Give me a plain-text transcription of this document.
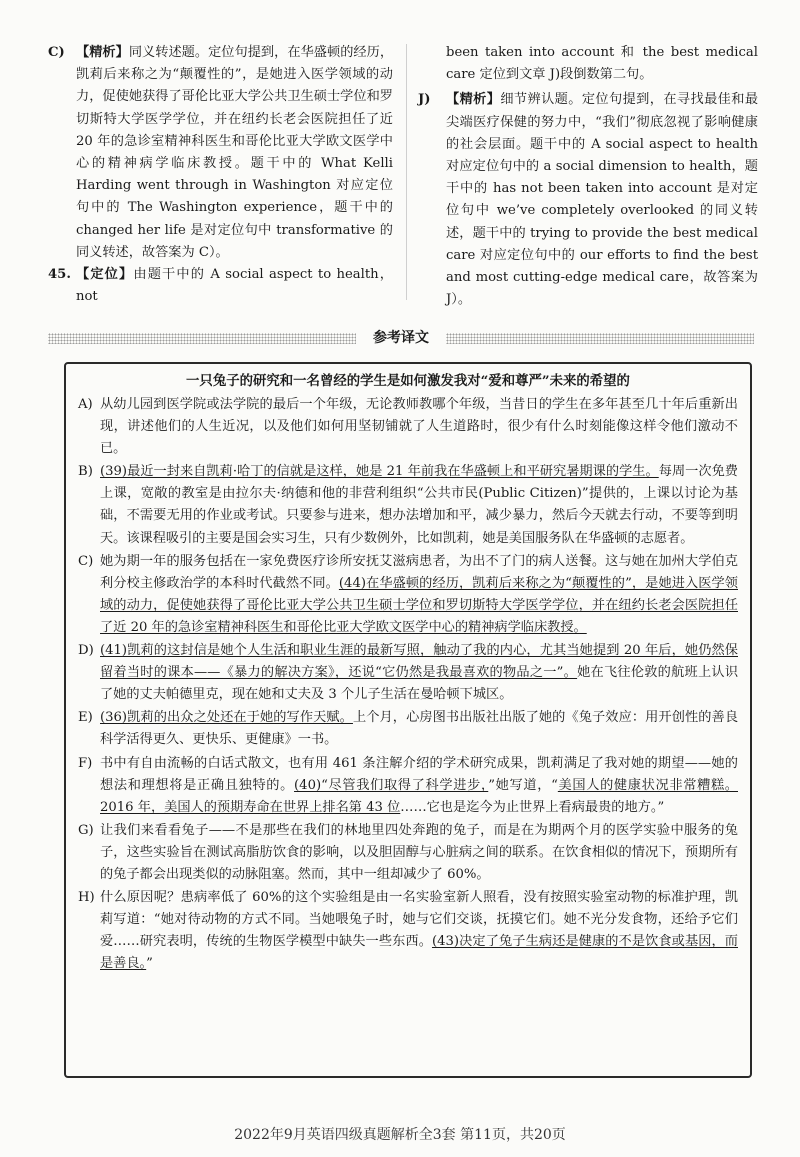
C) 【精析】同义转述题。定位句提到，在华盛顿的经历，凯莉后来称之为“颠覆性的”，是她进入医学领域的动力，促使她获得了哥伦比亚大学公共卫生硕士学位和罗切斯特大学医学学位，并在纽约长老会医院担任了近 20 年的急诊室精神科医生和哥伦比亚大学欧文医学中心的精神病学临床教授。题干中的 What Kelli Harding went through in Washington 对应定位句中的 The Washington experience，题干中的 changed her life 是对定位句中 transformative 的同义转述，故答案为 C）。

45. 【定位】由题干中的 A social aspect to health，not

been taken into account 和 the best medical care 定位到文章 J)段倒数第二句。

J) 【精析】细节辨认题。定位句提到，在寻找最佳和最尖端医疗保健的努力中，“我们”彻底忽视了影响健康的社会层面。题干中的 A social aspect to health 对应定位句中的 a social dimension to health，题干中的 has not been taken into account 是对定位句中 we’ve completely overlooked 的同义转述，题干中的 trying to provide the best medical care 对应定位句中的 our efforts to find the best and most cutting-edge medical care，故答案为 J）。

参考译文
一只兔子的研究和一名曾经的学生是如何激发我对“爱和尊严”未来的希望的

A) 从幼儿园到医学院或法学院的最后一个年级，无论教师教哪个年级，当昔日的学生在多年甚至几十年后重新出现，讲述他们的人生近况，以及他们如何用坚韧铺就了人生道路时，很少有什么时刻能像这样令他们激动不已。

B) (39)最近一封来自凯莉·哈丁的信就是这样，她是 21 年前我在华盛顿上和平研究暑期课的学生。每周一次免费上课，宽敞的教室是由拉尔夫·纳德和他的非营利组织“公共市民(Public Citizen)”提供的，上课以讨论为基础，不需要无用的作业或考试。只要参与进来，想办法增加和平，减少暴力，然后今天就去行动，不要等到明天。该课程吸引的主要是国会实习生，只有少数例外，比如凯莉，她是美国服务队在华盛顿的志愿者。

C) 她为期一年的服务包括在一家免费医疗诊所安抚艾滋病患者，为出不了门的病人送餐。这与她在加州大学伯克利分校主修政治学的本科时代截然不同。(44)在华盛顿的经历，凯莉后来称之为“颠覆性的”，是她进入医学领域的动力，促使她获得了哥伦比亚大学公共卫生硕士学位和罗切斯特大学医学学位，并在纽约长老会医院担任了近 20 年的急诊室精神科医生和哥伦比亚大学欧文医学中心的精神病学临床教授。

D) (41)凯莉的这封信是她个人生活和职业生涯的最新写照，触动了我的内心，尤其当她提到 20 年后，她仍然保留着当时的课本——《暴力的解决方案》，还说“它仍然是我最喜欢的物品之一”。她在飞往伦敦的航班上认识了她的丈夫帕德里克，现在她和丈夫及 3 个儿子生活在曼哈顿下城区。

E) (36)凯莉的出众之处还在于她的写作天赋。上个月，心房图书出版社出版了她的《兔子效应：用开创性的善良科学活得更久、更快乐、更健康》一书。

F) 书中有自由流畅的白话式散文，也有用 461 条注解介绍的学术研究成果，凯莉满足了我对她的期望——她的想法和理想将是正确且独特的。(40)“尽管我们取得了科学进步，”她写道，“美国人的健康状况非常糟糕。2016 年，美国人的预期寿命在世界上排名第 43 位……它也是迄今为止世界上看病最贵的地方。”

G) 让我们来看看兔子——不是那些在我们的林地里四处奔跑的兔子，而是在为期两个月的医学实验中服务的兔子，这些实验旨在测试高脂肪饮食的影响，以及胆固醇与心脏病之间的联系。在饮食相似的情况下，预期所有的兔子都会出现类似的动脉阻塞。然而，其中一组却减少了 60%。

H) 什么原因呢？患病率低了 60%的这个实验组是由一名实验室新人照看，没有按照实验室动物的标准护理，凯莉写道：“她对待动物的方式不同。当她喂兔子时，她与它们交谈，抚摸它们。她不光分发食物，还给予它们爱……研究表明，传统的生物医学模型中缺失一些东西。(43)决定了兔子生病还是健康的不是饮食或基因，而是善良。”

2022年9月英语四级真题解析全3套 第11页，共20页
